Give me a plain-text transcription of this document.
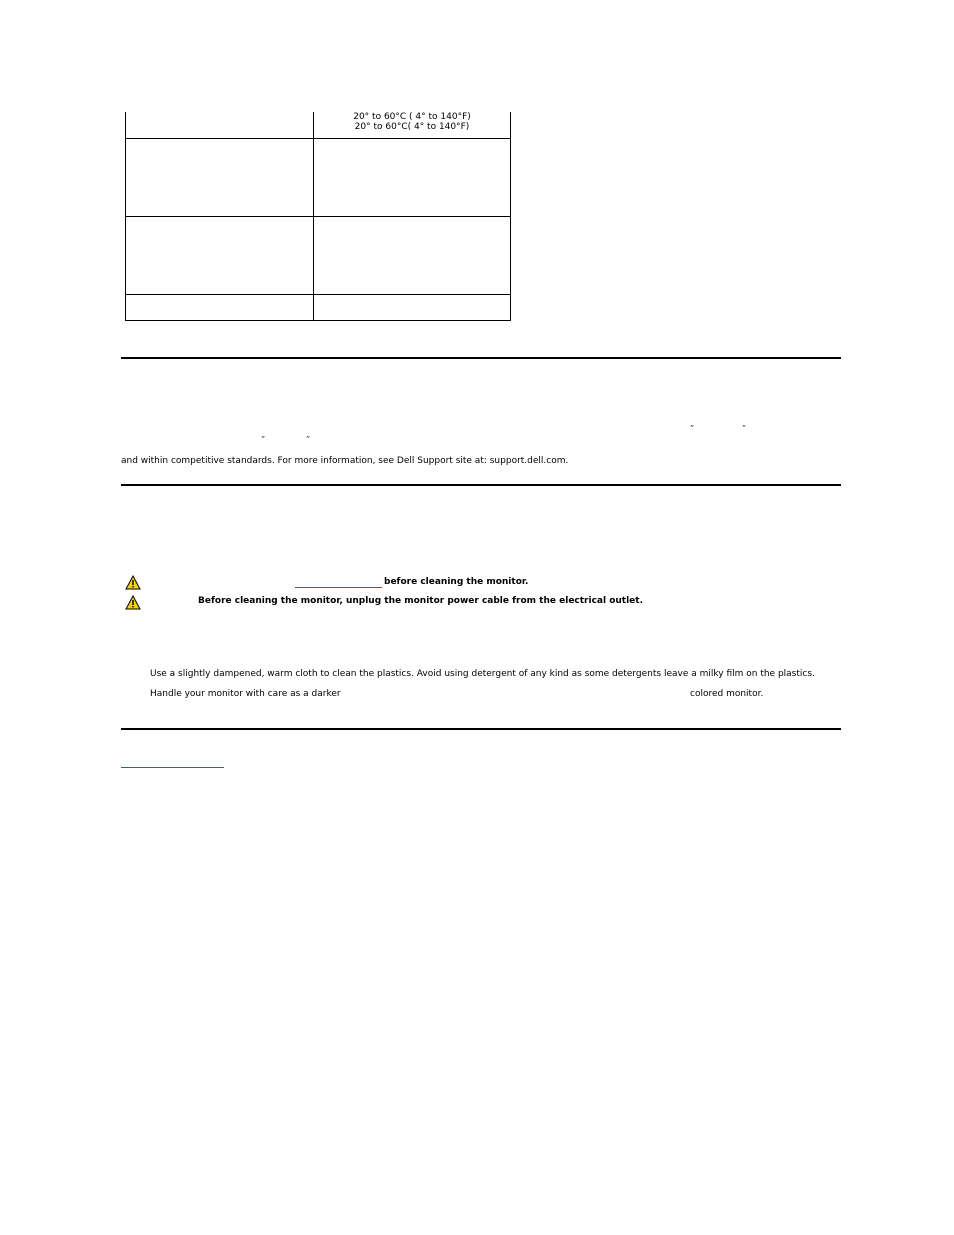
	20° to 60°C ( 4° to 140°F)
20° to 60°C( 4° to 140°F)

”	”
”	”
and within competitive standards. For more information, see Dell Support site at: support.dell.com.
before cleaning the monitor.
Before cleaning the monitor, unplug the monitor power cable from the electrical outlet.
Use a slightly dampened, warm cloth to clean the plastics. Avoid using detergent of any kind as some detergents leave a milky film on the plastics.
Handle your monitor with care as a darker	colored monitor.
